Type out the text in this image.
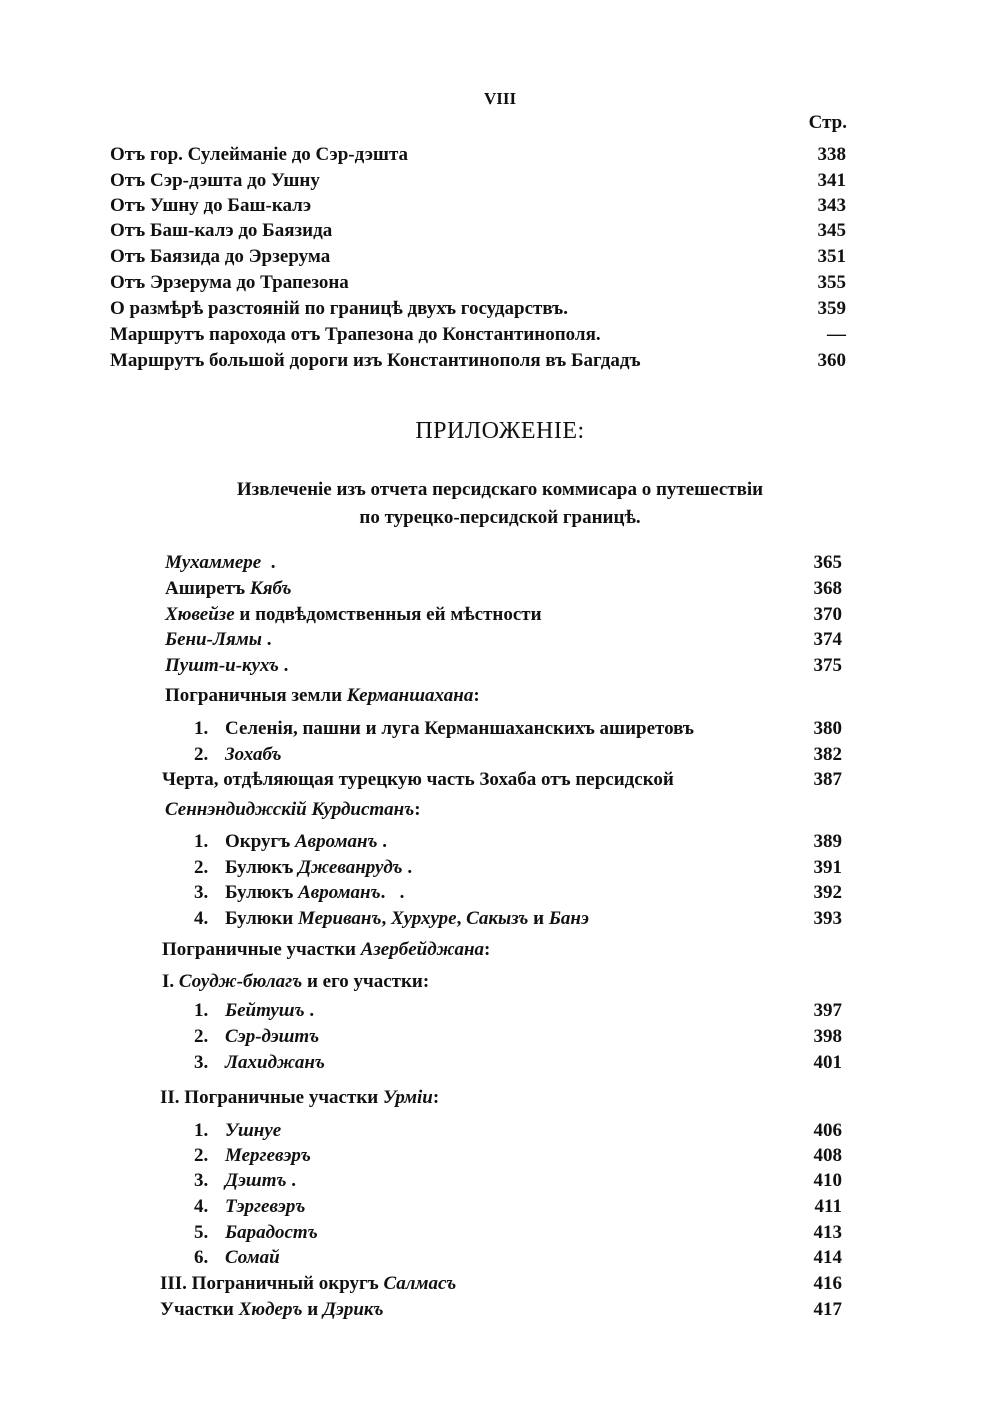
VIII
Стр.
Отъ гор. Сулейманіе до Сэр-дэшта	338
Отъ Сэр-дэшта до Ушну	341
Отъ Ушну до Баш-калэ	343
Отъ Баш-калэ до Баязида	345
Отъ Баязида до Эрзерума	351
Отъ Эрзерума до Трапезона	355
О размѣрѣ разстояній по границѣ двухъ государствъ.	359
Маршрутъ парохода отъ Трапезона до Константинополя.	—
Маршрутъ большой дороги изъ Константинополя въ Багдадъ	360
ПРИЛОЖЕНІЕ:
Извлеченіе изъ отчета персидскаго коммисара о путешествіи
по турецко-персидской границѣ.
Мухаммере  .	365
Аширетъ Кябъ	368
Хювейзе и подвѣдомственныя ей мѣстности	370
Бени-Лямы .	374
Пушт-и-кухъ .	375
Пограничныя земли Керманшахана:
1. Селенія, пашни и луга Керманшаханскихъ аширетовъ	380
2. Зохабъ	382
Черта, отдѣляющая турецкую часть Зохаба отъ персидской	387
Сеннэндиджскій Курдистанъ:
1. Округъ Авроманъ .	389
2. Булюкъ Джеванрудъ .	391
3. Булюкъ Авроманъ.   .	392
4. Булюки Мериванъ, Хурхуре, Сакызъ и Банэ	393
Пограничные участки Азербейджана:
I. Соудж-бюлагъ и его участки:
1. Бейтушъ .	397
2. Сэр-дэштъ	398
3. Лахиджанъ	401
II. Пограничные участки Урміи:
1. Ушнуе	406
2. Мергевэръ	408
3. Дэштъ .	410
4. Тэргевэръ	411
5. Барадостъ	413
6. Сомай	414
III. Пограничный округъ Салмасъ	416
Участки Хюдеръ и Дэрикъ	417
